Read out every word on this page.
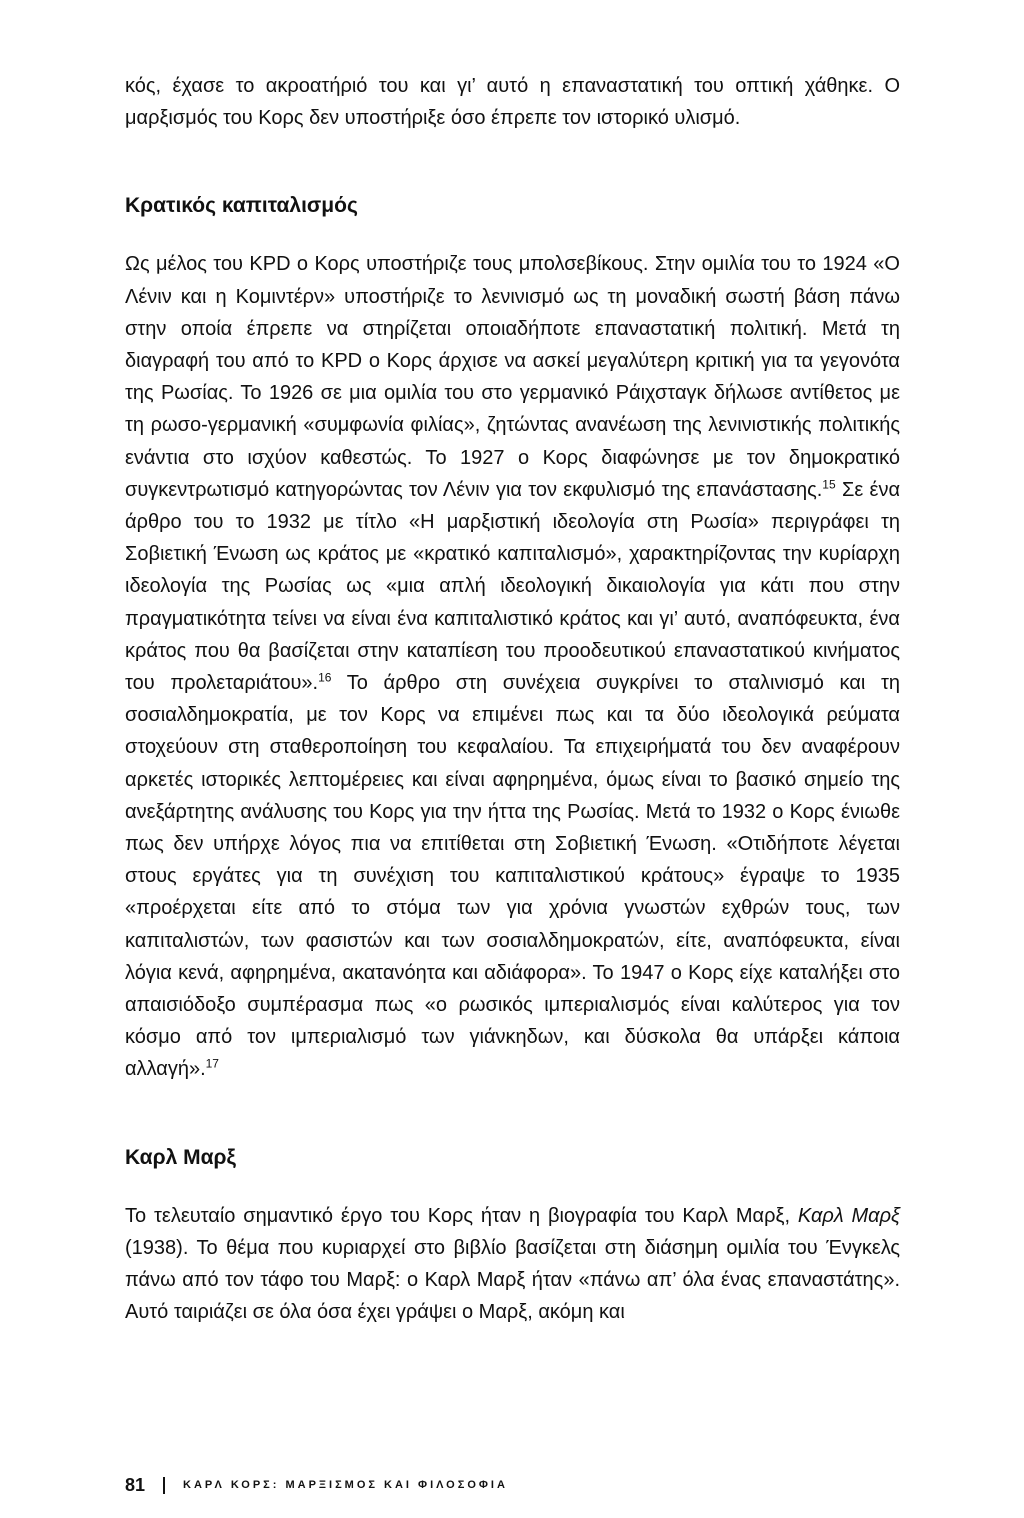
κός, έχασε το ακροατήριό του και γι’ αυτό η επαναστατική του οπτική χάθηκε. Ο μαρξισμός του Κορς δεν υποστήριξε όσο έπρεπε τον ιστορικό υλισμό.

Κρατικός καπιταλισμός

Ως μέλος του KPD ο Κορς υποστήριζε τους μπολσεβίκους. Στην ομιλία του το 1924 «Ο Λένιν και η Κομιντέρν» υποστήριζε το λενινισμό ως τη μοναδική σωστή βάση πάνω στην οποία έπρεπε να στηρίζεται οποιαδήποτε επαναστατική πολιτική. Μετά τη διαγραφή του από το KPD ο Κορς άρχισε να ασκεί μεγαλύτερη κριτική για τα γεγονότα της Ρωσίας. Το 1926 σε μια ομιλία του στο γερμανικό Ράιχσταγκ δήλωσε αντίθετος με τη ρωσο-γερμανική «συμφωνία φιλίας», ζητώντας ανανέωση της λενινιστικής πολιτικής ενάντια στο ισχύον καθεστώς. Το 1927 ο Κορς διαφώνησε με τον δημοκρατικό συγκεντρωτισμό κατηγορώντας τον Λένιν για τον εκφυλισμό της επανάστασης.$^{15}$ Σε ένα άρθρο του το 1932 με τίτλο «Η μαρξιστική ιδεολογία στη Ρωσία» περιγράφει τη Σοβιετική Ένωση ως κράτος με «κρατικό καπιταλισμό», χαρακτηρίζοντας την κυρίαρχη ιδεολογία της Ρωσίας ως «μια απλή ιδεολογική δικαιολογία για κάτι που στην πραγματικότητα τείνει να είναι ένα καπιταλιστικό κράτος και γι’ αυτό, αναπόφευκτα, ένα κράτος που θα βασίζεται στην καταπίεση του προοδευτικού επαναστατικού κινήματος του προλεταριάτου».$^{16}$ Το άρθρο στη συνέχεια συγκρίνει το σταλινισμό και τη σοσιαλδημοκρατία, με τον Κορς να επιμένει πως και τα δύο ιδεολογικά ρεύματα στοχεύουν στη σταθεροποίηση του κεφαλαίου. Τα επιχειρήματά του δεν αναφέρουν αρκετές ιστορικές λεπτομέρειες και είναι αφηρημένα, όμως είναι το βασικό σημείο της ανεξάρτητης ανάλυσης του Κορς για την ήττα της Ρωσίας. Μετά το 1932 ο Κορς ένιωθε πως δεν υπήρχε λόγος πια να επιτίθεται στη Σοβιετική Ένωση. «Οτιδήποτε λέγεται στους εργάτες για τη συνέχιση του καπιταλιστικού κράτους» έγραψε το 1935 «προέρχεται είτε από το στόμα των για χρόνια γνωστών εχθρών τους, των καπιταλιστών, των φασιστών και των σοσιαλδημοκρατών, είτε, αναπόφευκτα, είναι λόγια κενά, αφηρημένα, ακατανόητα και αδιάφορα». Το 1947 ο Κορς είχε καταλήξει στο απαισιόδοξο συμπέρασμα πως «ο ρωσικός ιμπεριαλισμός είναι καλύτερος για τον κόσμο από τον ιμπεριαλισμό των γιάνκηδων, και δύσκολα θα υπάρξει κάποια αλλαγή».$^{17}$

Καρλ Μαρξ

Το τελευταίο σημαντικό έργο του Κορς ήταν η βιογραφία του Καρλ Μαρξ, Καρλ Μαρξ (1938). Το θέμα που κυριαρχεί στο βιβλίο βασίζεται στη διάσημη ομιλία του Ένγκελς πάνω από τον τάφο του Μαρξ: ο Καρλ Μαρξ ήταν «πάνω απ’ όλα ένας επαναστάτης». Αυτό ταιριάζει σε όλα όσα έχει γράψει ο Μαρξ, ακόμη και

81	ΚΑΡΛ ΚΟΡΣ: ΜΑΡΞΙΣΜΟΣ ΚΑΙ ΦΙΛΟΣΟΦΙΑ
